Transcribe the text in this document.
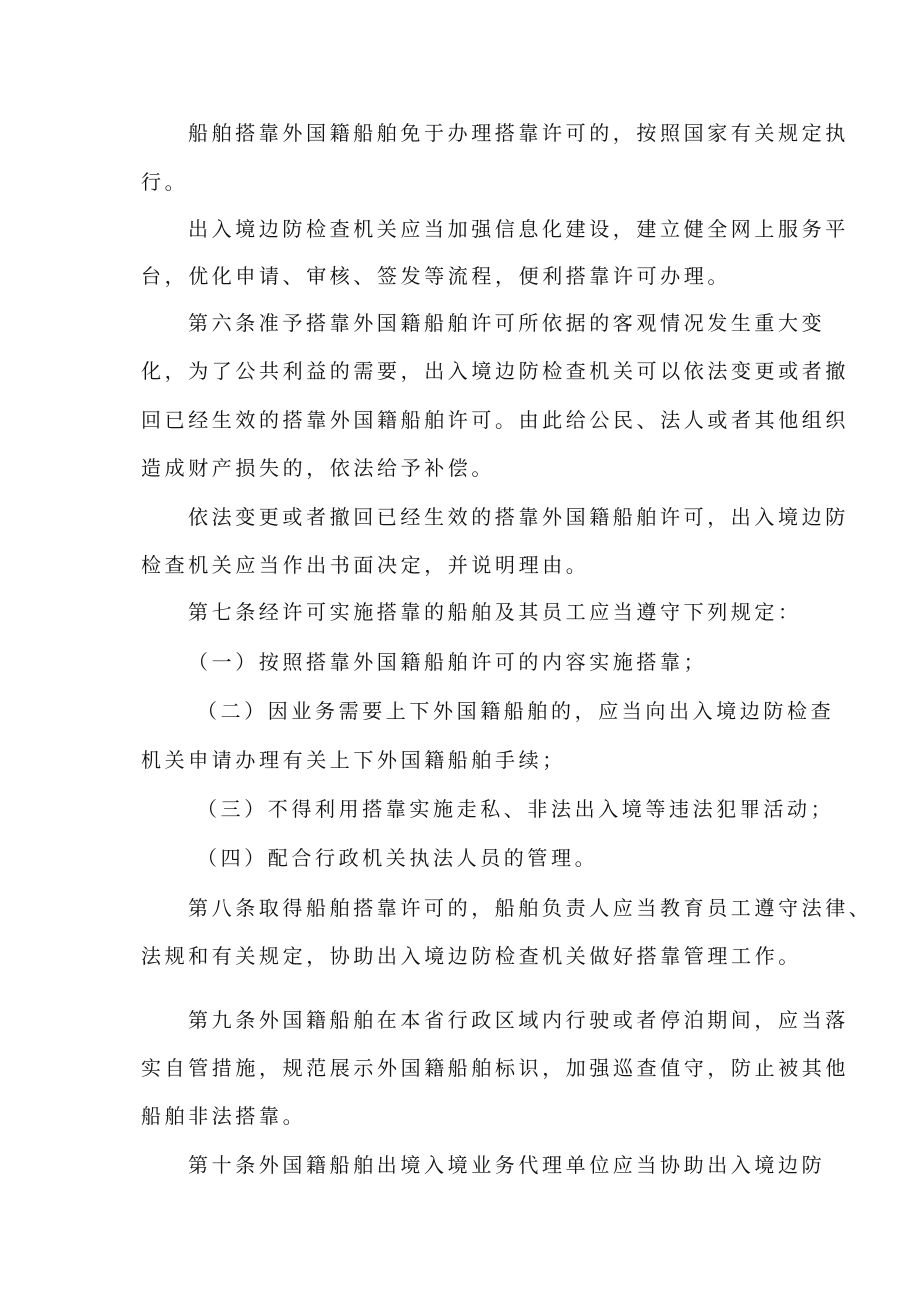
船舶搭靠外国籍船舶免于办理搭靠许可的，按照国家有关规定执
行。
出入境边防检查机关应当加强信息化建设，建立健全网上服务平
台，优化申请、审核、签发等流程，便利搭靠许可办理。
第六条准予搭靠外国籍船舶许可所依据的客观情况发生重大变
化，为了公共利益的需要，出入境边防检查机关可以依法变更或者撤
回已经生效的搭靠外国籍船舶许可。由此给公民、法人或者其他组织
造成财产损失的，依法给予补偿。
依法变更或者撤回已经生效的搭靠外国籍船舶许可，出入境边防
检查机关应当作出书面决定，并说明理由。
第七条经许可实施搭靠的船舶及其员工应当遵守下列规定：
（一）按照搭靠外国籍船舶许可的内容实施搭靠；
（二）因业务需要上下外国籍船舶的，应当向出入境边防检查
机关申请办理有关上下外国籍船舶手续；
（三）不得利用搭靠实施走私、非法出入境等违法犯罪活动；
（四）配合行政机关执法人员的管理。
第八条取得船舶搭靠许可的，船舶负责人应当教育员工遵守法律、
法规和有关规定，协助出入境边防检查机关做好搭靠管理工作。
第九条外国籍船舶在本省行政区域内行驶或者停泊期间，应当落
实自管措施，规范展示外国籍船舶标识，加强巡查值守，防止被其他
船舶非法搭靠。
第十条外国籍船舶出境入境业务代理单位应当协助出入境边防
